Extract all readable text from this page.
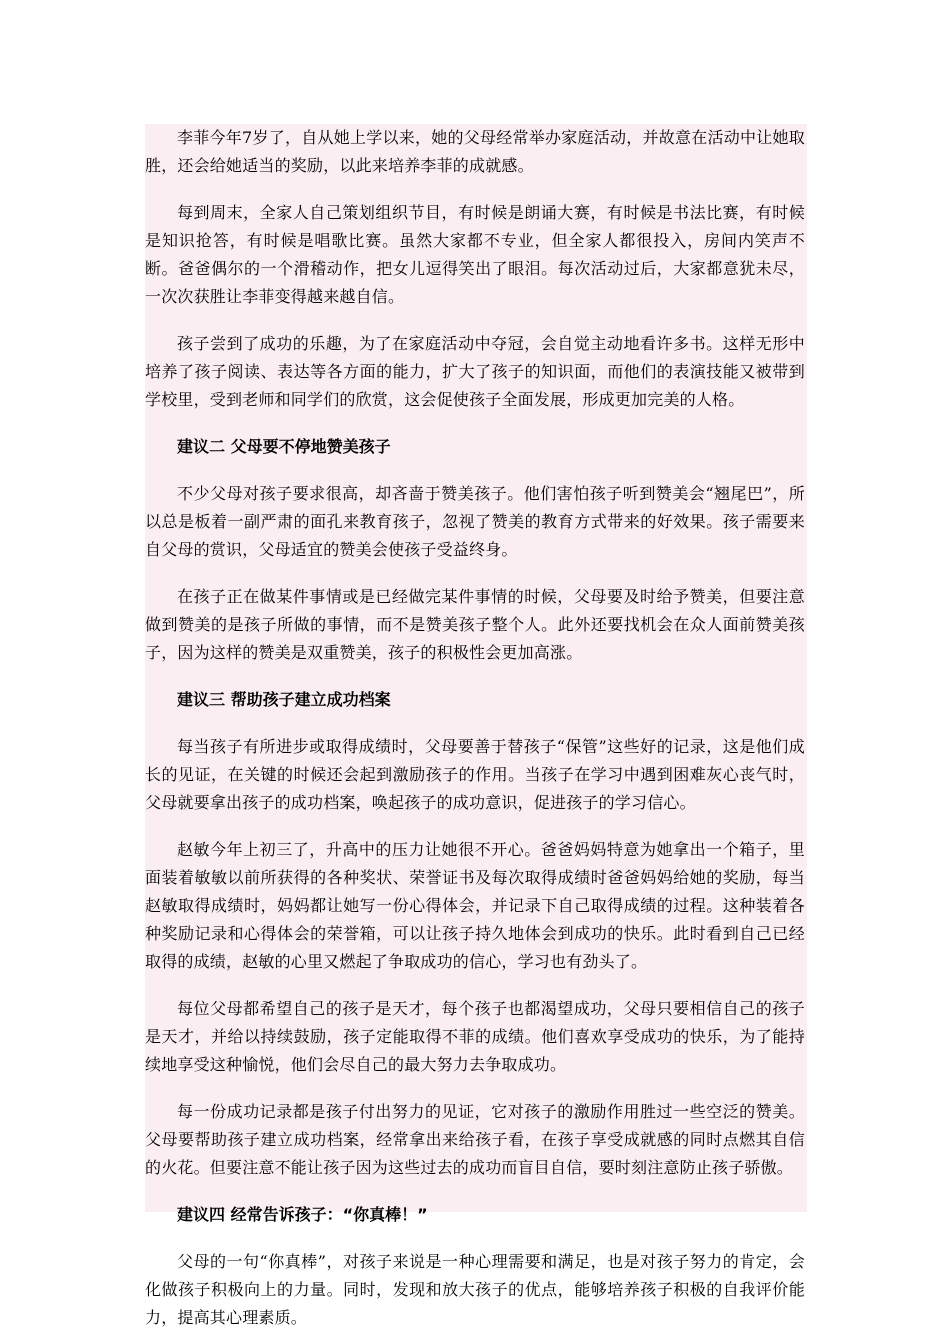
李菲今年7岁了，自从她上学以来，她的父母经常举办家庭活动，并故意在活动中让她取胜，还会给她适当的奖励，以此来培养李菲的成就感。

每到周末，全家人自己策划组织节目，有时候是朗诵大赛，有时候是书法比赛，有时候是知识抢答，有时候是唱歌比赛。虽然大家都不专业，但全家人都很投入，房间内笑声不断。爸爸偶尔的一个滑稽动作，把女儿逗得笑出了眼泪。每次活动过后，大家都意犹未尽，一次次获胜让李菲变得越来越自信。

孩子尝到了成功的乐趣，为了在家庭活动中夺冠，会自觉主动地看许多书。这样无形中培养了孩子阅读、表达等各方面的能力，扩大了孩子的知识面，而他们的表演技能又被带到学校里，受到老师和同学们的欣赏，这会促使孩子全面发展，形成更加完美的人格。

建议二 父母要不停地赞美孩子

不少父母对孩子要求很高，却吝啬于赞美孩子。他们害怕孩子听到赞美会“翘尾巴”，所以总是板着一副严肃的面孔来教育孩子，忽视了赞美的教育方式带来的好效果。孩子需要来自父母的赏识，父母适宜的赞美会使孩子受益终身。

在孩子正在做某件事情或是已经做完某件事情的时候，父母要及时给予赞美，但要注意做到赞美的是孩子所做的事情，而不是赞美孩子整个人。此外还要找机会在众人面前赞美孩子，因为这样的赞美是双重赞美，孩子的积极性会更加高涨。

建议三 帮助孩子建立成功档案

每当孩子有所进步或取得成绩时，父母要善于替孩子“保管”这些好的记录，这是他们成长的见证，在关键的时候还会起到激励孩子的作用。当孩子在学习中遇到困难灰心丧气时，父母就要拿出孩子的成功档案，唤起孩子的成功意识，促进孩子的学习信心。

赵敏今年上初三了，升高中的压力让她很不开心。爸爸妈妈特意为她拿出一个箱子，里面装着敏敏以前所获得的各种奖状、荣誉证书及每次取得成绩时爸爸妈妈给她的奖励，每当赵敏取得成绩时，妈妈都让她写一份心得体会，并记录下自己取得成绩的过程。这种装着各种奖励记录和心得体会的荣誉箱，可以让孩子持久地体会到成功的快乐。此时看到自己已经取得的成绩，赵敏的心里又燃起了争取成功的信心，学习也有劲头了。

每位父母都希望自己的孩子是天才，每个孩子也都渴望成功，父母只要相信自己的孩子是天才，并给以持续鼓励，孩子定能取得不菲的成绩。他们喜欢享受成功的快乐，为了能持续地享受这种愉悦，他们会尽自己的最大努力去争取成功。

每一份成功记录都是孩子付出努力的见证，它对孩子的激励作用胜过一些空泛的赞美。父母要帮助孩子建立成功档案，经常拿出来给孩子看，在孩子享受成就感的同时点燃其自信的火花。但要注意不能让孩子因为这些过去的成功而盲目自信，要时刻注意防止孩子骄傲。

建议四 经常告诉孩子：“你真棒！”

父母的一句“你真棒”，对孩子来说是一种心理需要和满足，也是对孩子努力的肯定，会化做孩子积极向上的力量。同时，发现和放大孩子的优点，能够培养孩子积极的自我评价能力，提高其心理素质。
